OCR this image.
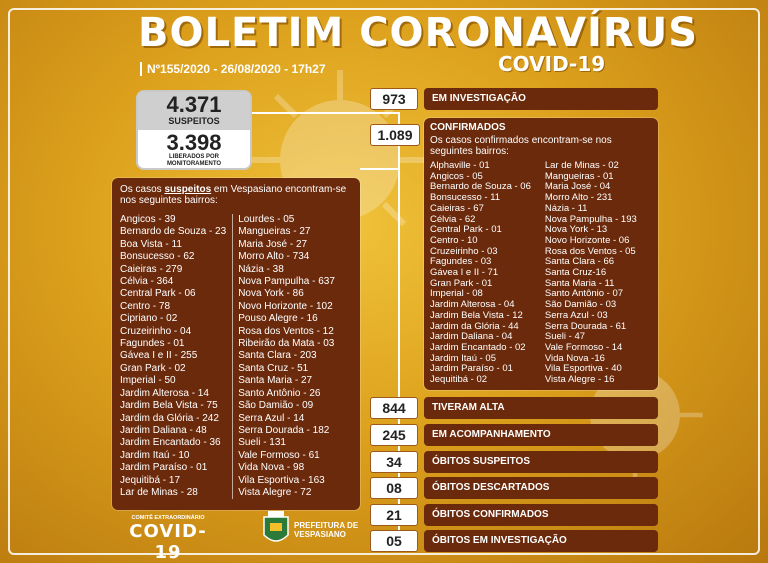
BOLETIM CORONAVÍRUS
COVID-19
Nº155/2020 - 26/08/2020 - 17h27
4.371
SUSPEITOS
3.398
LIBERADOS POR
MONITORAMENTO
Os casos suspeitos em Vespasiano encontram-se nos seguintes bairros:
Angicos - 39
Bernardo de Souza - 23
Boa Vista - 11
Bonsucesso - 62
Caieiras - 279
Célvia - 364
Central Park - 06
Centro - 78
Cipriano - 02
Cruzeirinho - 04
Fagundes - 01
Gávea I e II - 255
Gran Park - 02
Imperial - 50
Jardim Alterosa - 14
Jardim Bela Vista - 75
Jardim da Glória - 242
Jardim Daliana - 48
Jardim Encantado - 36
Jardim Itaú - 10
Jardim Paraíso - 01
Jequitibá - 17
Lar de Minas - 28
Lourdes - 05
Mangueiras - 27
Maria José - 27
Morro Alto - 734
Názia - 38
Nova Pampulha - 637
Nova York - 86
Novo Horizonte - 102
Pouso Alegre - 16
Rosa dos Ventos - 12
Ribeirão da Mata - 03
Santa Clara - 203
Santa Cruz - 51
Santa Maria - 27
Santo Antônio - 26
São Damião - 09
Serra Azul - 14
Serra Dourada - 182
Sueli - 131
Vale Formoso - 61
Vida Nova - 98
Vila Esportiva - 163
Vista Alegre - 72
973	EM INVESTIGAÇÃO
1.089	CONFIRMADOS
Os casos confirmados encontram-se nos seguintes bairros:
Alphaville - 01
Angicos - 05
Bernardo de Souza - 06
Bonsucesso - 11
Caieiras - 67
Célvia - 62
Central Park - 01
Centro - 10
Cruzeirinho - 03
Fagundes - 03
Gávea I e II - 71
Gran Park - 01
Imperial - 08
Jardim Alterosa - 04
Jardim Bela Vista - 12
Jardim da Glória - 44
Jardim Daliana - 04
Jardim Encantado - 02
Jardim Itaú - 05
Jardim Paraíso - 01
Jequitibá - 02
Lar de Minas - 02
Mangueiras - 01
Maria José - 04
Morro Alto - 231
Názia - 11
Nova Pampulha - 193
Nova York - 13
Novo Horizonte - 06
Rosa dos Ventos - 05
Santa Clara - 66
Santa Cruz-16
Santa Maria - 11
Santo Antônio - 07
São Damião - 03
Serra Azul - 03
Serra Dourada - 61
Sueli - 47
Vale Formoso - 14
Vida Nova -16
Vila Esportiva - 40
Vista Alegre - 16
844	TIVERAM ALTA
245	EM ACOMPANHAMENTO
34	ÓBITOS SUSPEITOS
08	ÓBITOS DESCARTADOS
21	ÓBITOS CONFIRMADOS
05	ÓBITOS EM INVESTIGAÇÃO
COMITÊ EXTRAORDINÁRIO
COVID-19
PREFEITURA DE
VESPASIANO
